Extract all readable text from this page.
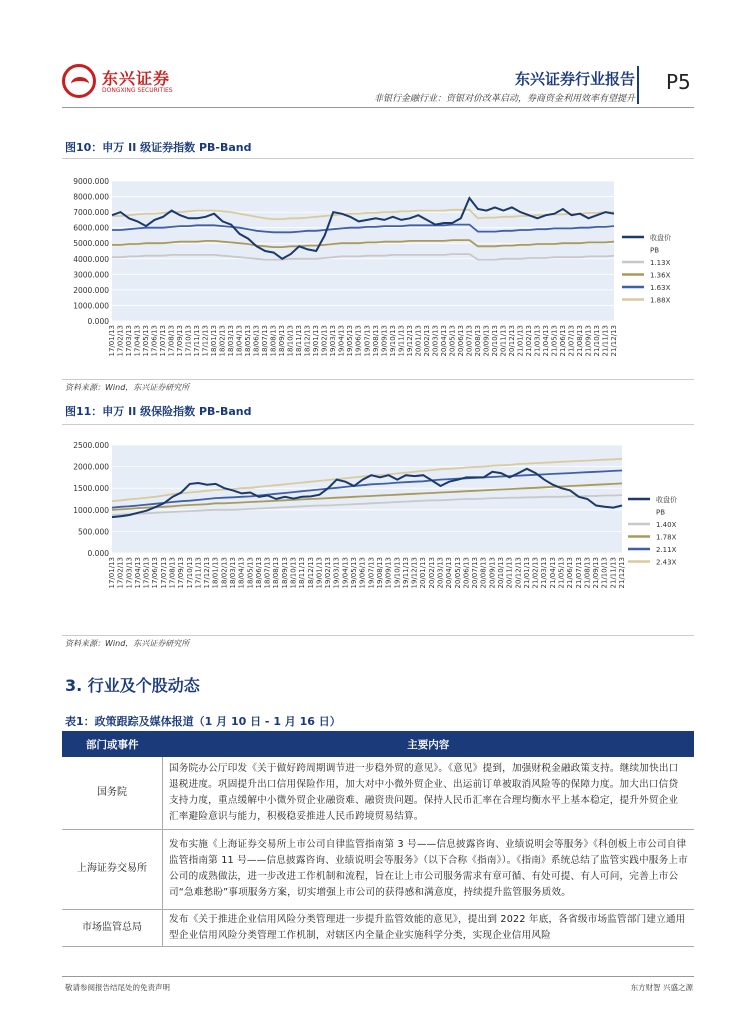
东兴证券
DONGXING SECURITIES
东兴证券行业报告
非银行金融行业：资银对价改革启动，券商资金利用效率有望提升
P5
图10：申万 II 级证券指数 PB-Band
9000.000
8000.000
7000.000
6000.000
5000.000
4000.000
3000.000
2000.000
1000.000
0.000
17/01/13 17/02/13 17/03/13 17/04/13 17/05/13 17/06/13 17/07/13 17/08/13 17/09/13 17/10/13 17/11/13 17/12/13 18/01/13 18/02/13 18/03/13 18/04/13 18/05/13 18/06/13 18/07/13 18/08/13 18/09/13 18/10/13 18/11/13 18/12/13 19/01/13 19/02/13 19/03/13 19/04/13 19/05/13 19/06/13 19/07/13 19/08/13 19/09/13 19/10/13 19/11/13 19/12/13 20/01/13 20/02/13 20/03/13 20/04/13 20/05/13 20/06/13 20/07/13 20/08/13 20/09/13 20/10/13 20/11/13 20/12/13 21/01/13 21/02/13 21/03/13 21/04/13 21/05/13 21/06/13 21/07/13 21/08/13 21/09/13 21/10/13 21/11/13 21/12/13
收盘价
PB
1.13X
1.36X
1.63X
1.88X
资料来源：Wind，东兴证券研究所
图11：申万 II 级保险指数 PB-Band
2500.000
2000.000
1500.000
1000.000
500.000
0.000
17/01/13 17/02/13 17/03/13 17/04/13 17/05/13 17/06/13 17/07/13 17/08/13 17/09/13 17/10/13 17/11/13 17/12/13 18/01/13 18/02/13 18/03/13 18/04/13 18/05/13 18/06/13 18/07/13 18/08/13 18/09/13 18/10/13 18/11/13 18/12/13 19/01/13 19/02/13 19/03/13 19/04/13 19/05/13 19/06/13 19/07/13 19/08/13 19/09/13 19/10/13 19/11/13 19/12/13 20/01/13 20/02/13 20/03/13 20/04/13 20/05/13 20/06/13 20/07/13 20/08/13 20/09/13 20/10/13 20/11/13 20/12/13 21/01/13 21/02/13 21/03/13 21/04/13 21/05/13 21/06/13 21/07/13 21/08/13 21/09/13 21/10/13 21/11/13 21/12/13
收盘价
PB
1.40X
1.78X
2.11X
2.43X
资料来源：Wind，东兴证券研究所
3. 行业及个股动态
表1：政策跟踪及媒体报道（1 月 10 日 - 1 月 16 日）
部门或事件	主要内容
国务院	国务院办公厅印发《关于做好跨周期调节进一步稳外贸的意见》。《意见》提到，加强财税金融政策支持。继续加快出口退税进度。巩固提升出口信用保险作用，加大对中小微外贸企业、出运前订单被取消风险等的保障力度。加大出口信贷支持力度，重点缓解中小微外贸企业融资难、融资贵问题。保持人民币汇率在合理均衡水平上基本稳定，提升外贸企业汇率避险意识与能力，积极稳妥推进人民币跨境贸易结算。
上海证券交易所	发布实施《上海证券交易所上市公司自律监管指南第 3 号——信息披露咨询、业绩说明会等服务》《科创板上市公司自律监管指南第 11 号——信息披露咨询、业绩说明会等服务》（以下合称《指南》）。《指南》系统总结了监管实践中服务上市公司的成熟做法，进一步改进工作机制和流程，旨在让上市公司服务需求有章可循、有处可提、有人可问，完善上市公司“急难愁盼”事项服务方案，切实增强上市公司的获得感和满意度，持续提升监管服务质效。
市场监管总局	发布《关于推进企业信用风险分类管理进一步提升监管效能的意见》，提出到 2022 年底，各省级市场监管部门建立通用型企业信用风险分类管理工作机制，对辖区内全量企业实施科学分类，实现企业信用风险
敬请参阅报告结尾处的免责声明	东方财智 兴盛之源
